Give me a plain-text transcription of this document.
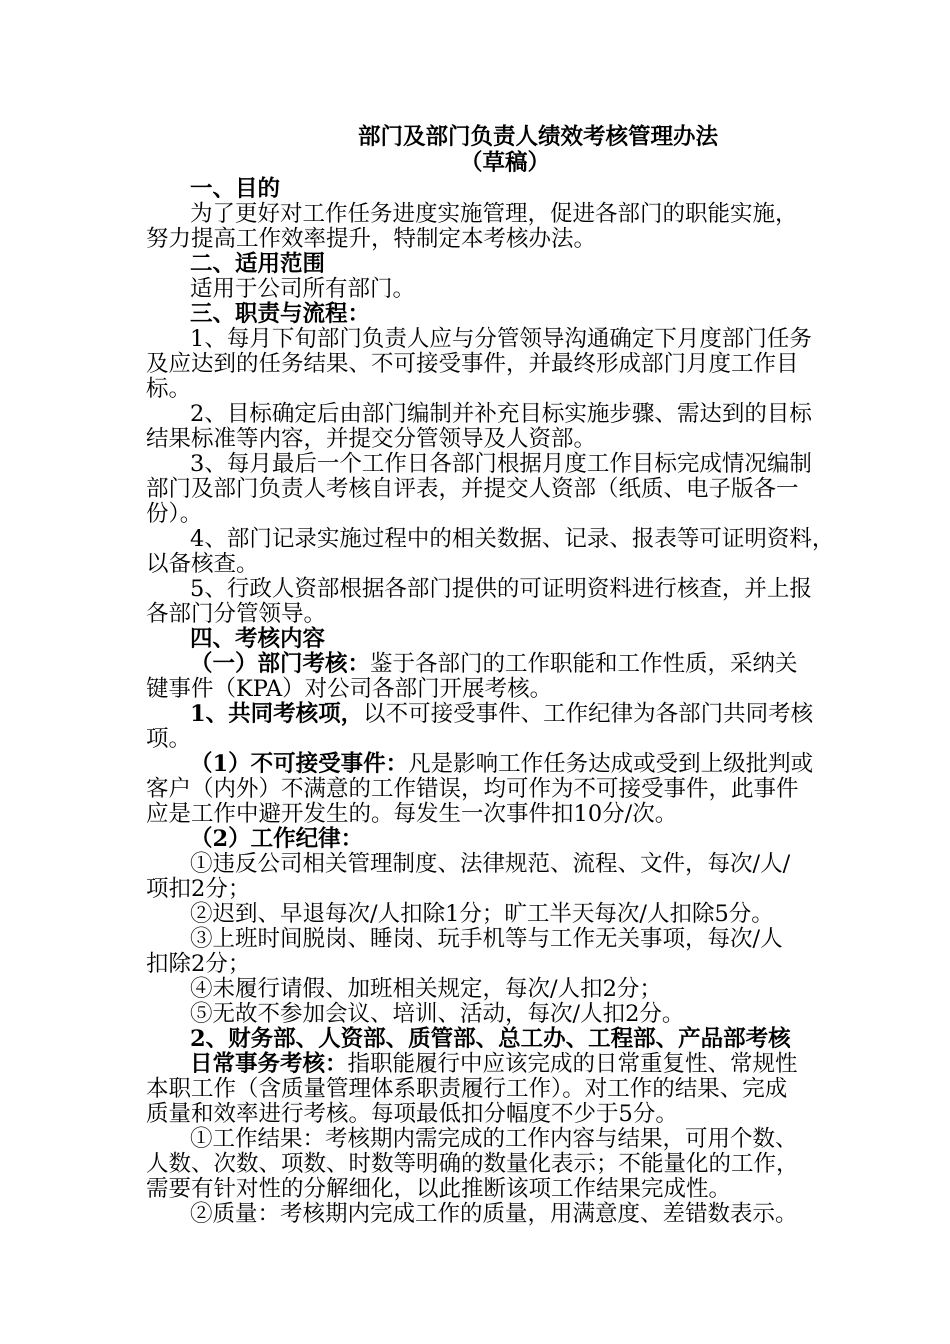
部门及部门负责人绩效考核管理办法
（草稿）
一、目的
为了更好对工作任务进度实施管理，促进各部门的职能实施，
努力提高工作效率提升，特制定本考核办法。
二、适用范围
适用于公司所有部门。
三、职责与流程：
1、每月下旬部门负责人应与分管领导沟通确定下月度部门任务
及应达到的任务结果、不可接受事件，并最终形成部门月度工作目
标。
2、目标确定后由部门编制并补充目标实施步骤、需达到的目标
结果标准等内容，并提交分管领导及人资部。
3、每月最后一个工作日各部门根据月度工作目标完成情况编制
部门及部门负责人考核自评表，并提交人资部（纸质、电子版各一
份）。
4、部门记录实施过程中的相关数据、记录、报表等可证明资料，
以备核查。
5、行政人资部根据各部门提供的可证明资料进行核查，并上报
各部门分管领导。
四、考核内容
（一）部门考核：鉴于各部门的工作职能和工作性质，采纳关
键事件（KPA）对公司各部门开展考核。
1、共同考核项，以不可接受事件、工作纪律为各部门共同考核
项。
（1）不可接受事件：凡是影响工作任务达成或受到上级批判或
客户（内外）不满意的工作错误，均可作为不可接受事件，此事件
应是工作中避开发生的。每发生一次事件扣10分/次。
（2）工作纪律：
①违反公司相关管理制度、法律规范、流程、文件，每次/人/
项扣2分；
②迟到、早退每次/人扣除1分；旷工半天每次/人扣除5分。
③上班时间脱岗、睡岗、玩手机等与工作无关事项，每次/人
扣除2分；
④未履行请假、加班相关规定，每次/人扣2分；
⑤无故不参加会议、培训、活动，每次/人扣2分。
2、财务部、人资部、质管部、总工办、工程部、产品部考核
日常事务考核：指职能履行中应该完成的日常重复性、常规性
本职工作（含质量管理体系职责履行工作）。对工作的结果、完成
质量和效率进行考核。每项最低扣分幅度不少于5分。
①工作结果：考核期内需完成的工作内容与结果，可用个数、
人数、次数、项数、时数等明确的数量化表示；不能量化的工作，
需要有针对性的分解细化，以此推断该项工作结果完成性。
②质量：考核期内完成工作的质量，用满意度、差错数表示。
